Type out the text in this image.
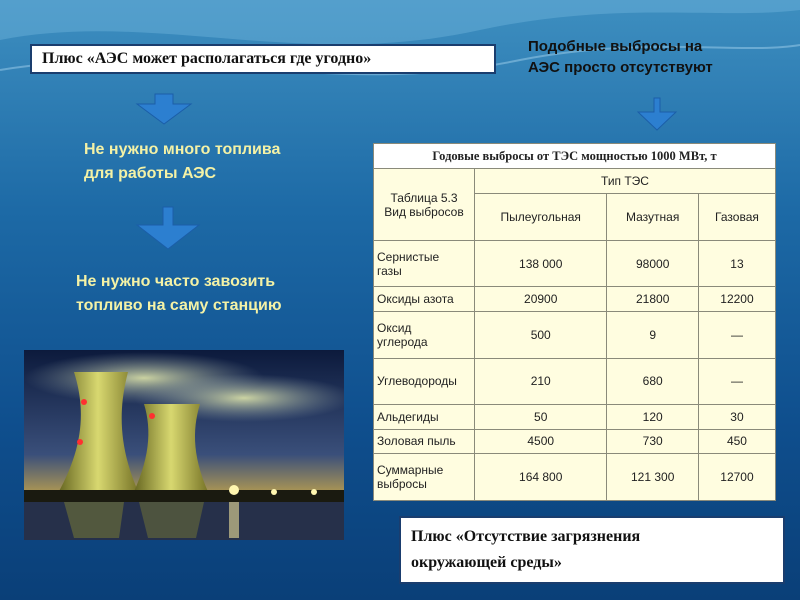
Плюс «АЭС может располагаться где угодно»
Подобные выбросы на
АЭС просто отсутствуют
Не нужно много топлива
для работы АЭС
Не нужно часто завозить
топливо на саму станцию
Годовые выбросы от ТЭС мощностью 1000 МВт, т			

Таблица 5.3
Вид выбросов	Тип ТЭС		
	Пылеугольная	Мазутная	Газовая

Сернистые
газы	138 000	98000	13
Оксиды азота	20900	21800	12200

Оксид
углерода	500	9	—
Углеводороды	210	680	—
Альдегиды	50	120	30
Золовая пыль	4500	730	450

Суммарные
выбросы	164 800	121 300	12700
Плюс «Отсутствие загрязнения
окружающей среды»
